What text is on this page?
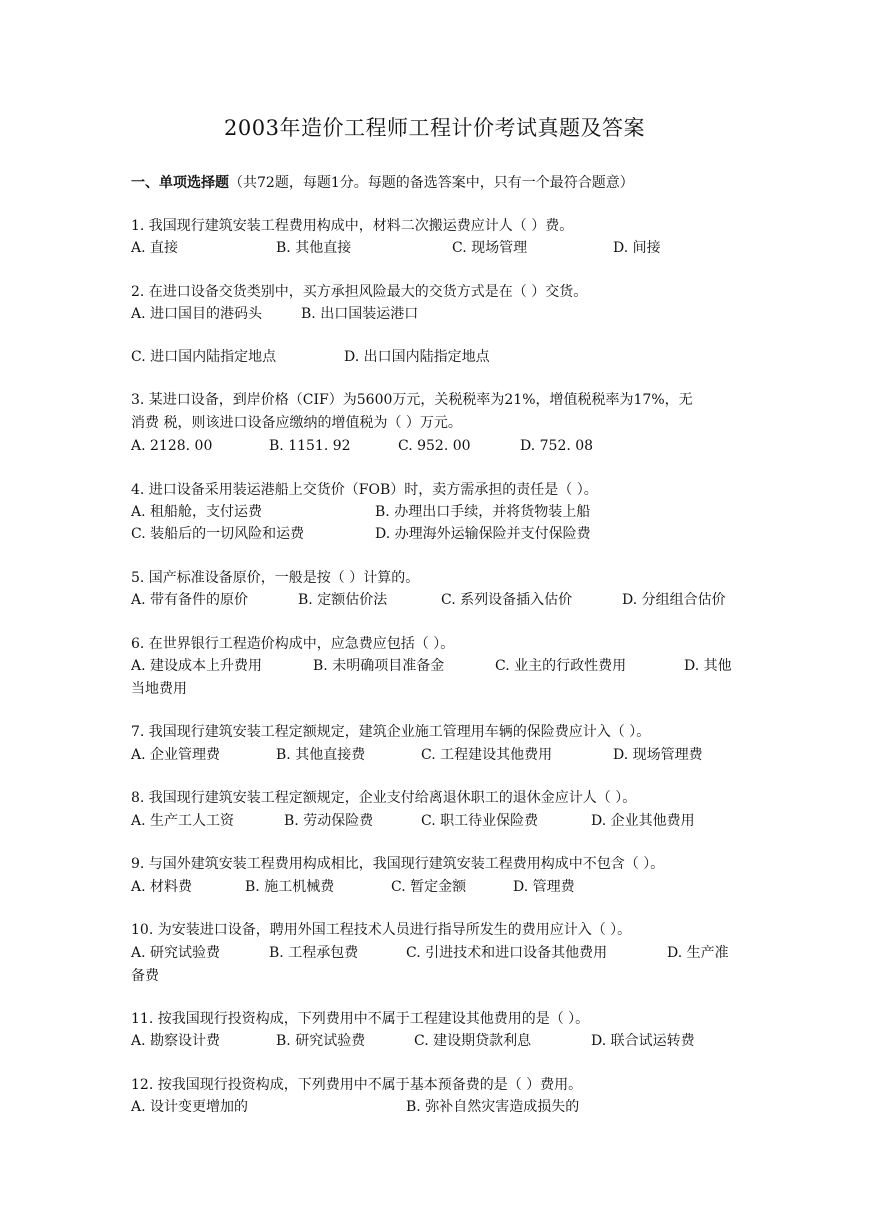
2003年造价工程师工程计价考试真题及答案
一、单项选择题（共72题，每题1分。每题的备选答案中，只有一个最符合题意）
1. 我国现行建筑安装工程费用构成中，材料二次搬运费应计人（ ）费。
A. 直接	B. 其他直接	C. 现场管理	D. 间接
2. 在进口设备交货类别中，买方承担风险最大的交货方式是在（ ）交货。
A. 进口国目的港码头	B. 出口国装运港口
C. 进口国内陆指定地点	D. 出口国内陆指定地点
3. 某进口设备，到岸价格（CIF）为5600万元，关税税率为21%，增值税税率为17%，无
消费 税，则该进口设备应缴纳的增值税为（ ）万元。
A. 2128. 00	B. 1151. 92	C. 952. 00	D. 752. 08
4. 进口设备采用装运港船上交货价（FOB）时，卖方需承担的责任是（ ）。
A. 租船舱，支付运费	B. 办理出口手续，并将货物装上船
C. 装船后的一切风险和运费	D. 办理海外运输保险并支付保险费
5. 国产标准设备原价，一般是按（ ）计算的。
A. 带有备件的原价	B. 定额估价法	C. 系列设备插入估价	D. 分组组合估价
6. 在世界银行工程造价构成中，应急费应包括（ ）。
A. 建设成本上升费用	B. 未明确项目准备金	C. 业主的行政性费用	D. 其他
当地费用
7. 我国现行建筑安装工程定额规定，建筑企业施工管理用车辆的保险费应计入（ ）。
A. 企业管理费	B. 其他直接费	C. 工程建设其他费用	D. 现场管理费
8. 我国现行建筑安装工程定额规定，企业支付给离退休职工的退休金应计人（ ）。
A. 生产工人工资	B. 劳动保险费	C. 职工待业保险费	D. 企业其他费用
9. 与国外建筑安装工程费用构成相比，我国现行建筑安装工程费用构成中不包含（ ）。
A. 材料费	B. 施工机械费	C. 暂定金额	D. 管理费
10. 为安装进口设备，聘用外国工程技术人员进行指导所发生的费用应计入（ ）。
A. 研究试验费	B. 工程承包费	C. 引进技术和进口设备其他费用	D. 生产准
备费
11. 按我国现行投资构成，下列费用中不属于工程建设其他费用的是（ ）。
A. 勘察设计费	B. 研究试验费	C. 建设期贷款利息	D. 联合试运转费
12. 按我国现行投资构成，下列费用中不属于基本预备费的是（ ）费用。
A. 设计变更增加的	B. 弥补自然灾害造成损失的
